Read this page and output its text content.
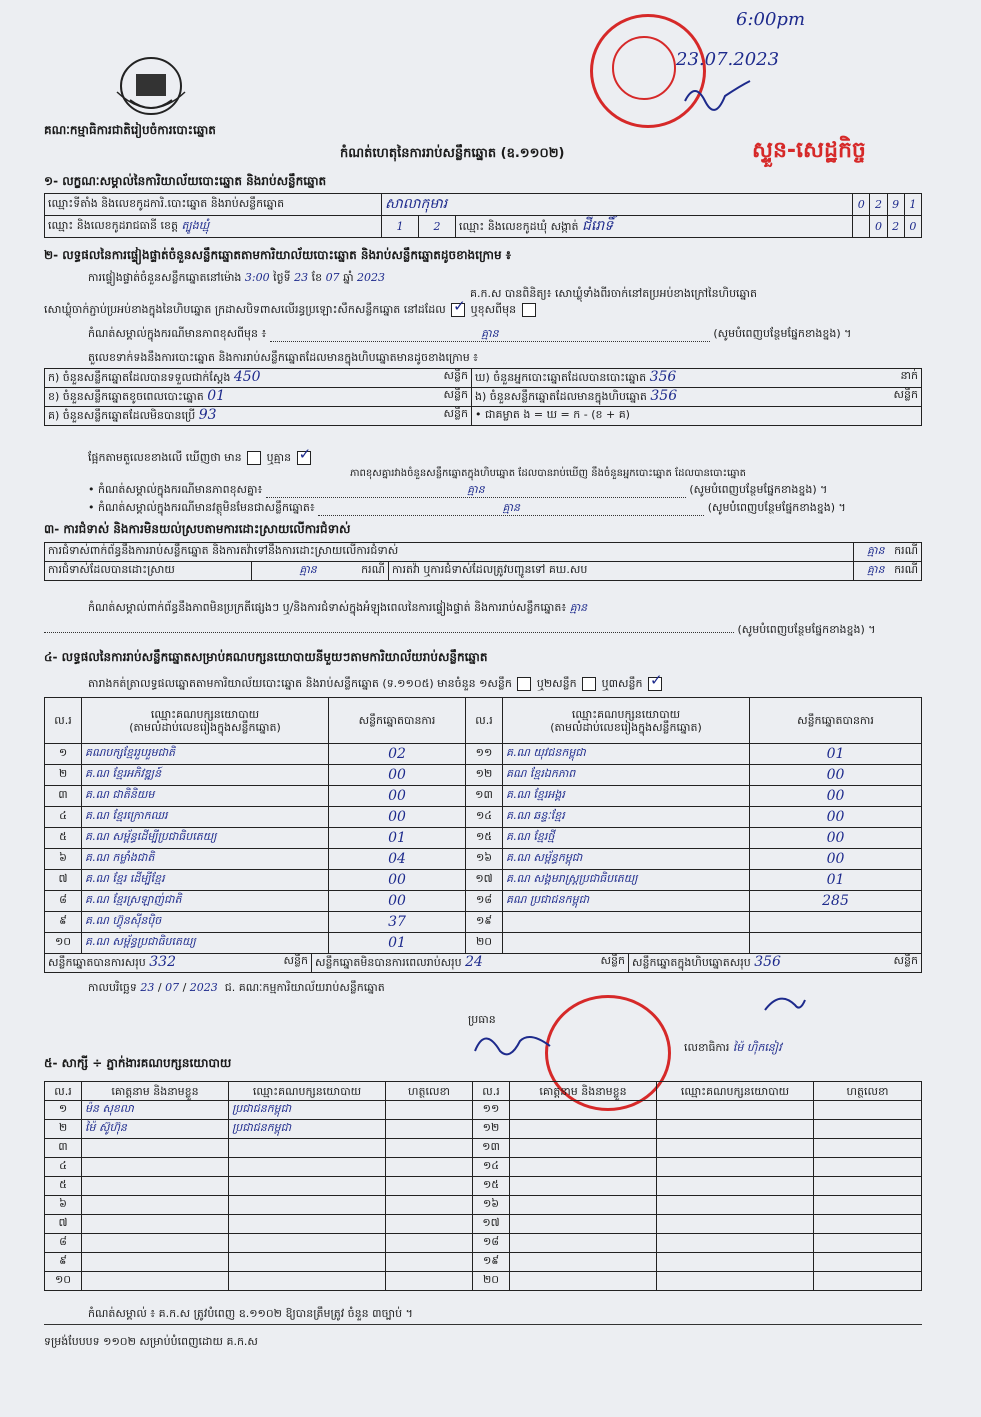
គណៈកម្មាធិការជាតិរៀបចំការបោះឆ្នោត
6:00pm
23.07.2023
ស្ទួន-សេដ្ឋកិច្ច
កំណត់ហេតុនៃការរាប់សន្លឹកឆ្នោត (ឧ.១១០២)
១- លក្ខណៈសម្គាល់នៃការិយាល័យបោះឆ្នោត និងរាប់សន្លឹកឆ្នោត
ឈ្មោះទីតាំង និងលេខកូដការិ.បោះឆ្នោត និងរាប់សន្លឹកឆ្នោត	សាលាកុមារ			0	2	9	1
ឈ្មោះ និងលេខកូដរាជធានី ខេត្ត ត្បូងឃ្មុំ	1	2	ឈ្មោះ និងលេខកូដឃុំ សង្កាត់ ជីរោទិ៍		0	2	0
២- លទ្ធផលនៃការផ្ទៀងផ្ទាត់ចំនួនសន្លឹកឆ្នោតតាមការិយាល័យបោះឆ្នោត និងរាប់សន្លឹកឆ្នោតដូចខាងក្រោម ៖
ការផ្ទៀងផ្ទាត់ចំនួនសន្លឹកឆ្នោតនៅម៉ោង 3:00 ថ្ងៃទី 23 ខែ 07 ឆ្នាំ 2023
គ.ក.ស បានពិនិត្យ៖ សោឃ្លុំទាំងពីរចាក់នៅតប្រអប់ខាងក្រៅនៃហិបឆ្នោត
សោឃ្លុំចាក់ភ្ជាប់ប្រអប់ខាងក្នុងនៃហិបឆ្នោត ក្រដាសបិទពាសលើរន្ធប្រឡោះសឹកសន្លឹកឆ្នោត នៅដដែល ✓ ឬខុសពីមុន
កំណត់សម្គាល់ក្នុងករណីមានភាពខុសពីមុន ៖	គ្មាន	(សូមបំពេញបន្ថែមផ្នែកខាងខ្នង) ។
តួលេខទាក់ទងនឹងការបោះឆ្នោត និងការរាប់សន្លឹកឆ្នោតដែលមានក្នុងហិបឆ្នោតមានដូចខាងក្រោម ៖
ក) ចំនួនសន្លឹកឆ្នោតដែលបានទទួលជាក់ស្តែង 450 សន្លឹក	ឃ) ចំនួនអ្នកបោះឆ្នោតដែលបានបោះឆ្នោត 356 នាក់

ខ) ចំនួនសន្លឹកឆ្នោតខូចពេលបោះឆ្នោត 01 សន្លឹក	ង) ចំនួនសន្លឹកឆ្នោតដែលមានក្នុងហិបឆ្នោត 356 សន្លឹក

គ) ចំនួនសន្លឹកឆ្នោតដែលមិនបានប្រើ 93 សន្លឹក	• ជាគម្លាត ង = ឃ = ក - (ខ + គ)
ផ្អែកតាមតួលេខខាងលើ ឃើញថា មាន ឬគ្មាន ✓
ភាពខុសគ្នារវាងចំនួនសន្លឹកឆ្នោតក្នុងហិបឆ្នោត ដែលបានរាប់ឃើញ នឹងចំនួនអ្នកបោះឆ្នោត ដែលបានបោះឆ្នោត
• កំណត់សម្គាល់ក្នុងករណីមានភាពខុសគ្នា៖	គ្មាន	(សូមបំពេញបន្ថែមផ្នែកខាងខ្នង) ។
• កំណត់សម្គាល់ក្នុងករណីមានវត្ថុមិនមែនជាសន្លឹកឆ្នោត៖	គ្មាន	(សូមបំពេញបន្ថែមផ្នែកខាងខ្នង) ។
៣- ការជំទាស់ និងការមិនយល់ស្របតាមការដោះស្រាយលើការជំទាស់
ការជំទាស់ពាក់ព័ន្ធនឹងការរាប់សន្លឹកឆ្នោត និងការតវ៉ាទៅនឹងការដោះស្រាយលើការជំទាស់			គ្មាន ករណី

ការជំទាស់ដែលបានដោះស្រាយ	គ្មាន ករណី	ការតវ៉ា ឬការជំទាស់ដែលត្រូវបញ្ជូនទៅ គឃ.សប	គ្មាន ករណី
កំណត់សម្គាល់ពាក់ព័ន្ធនឹងភាពមិនប្រក្រតីផ្សេងៗ ឬ/និងការជំទាស់ក្នុងអំឡុងពេលនៃការផ្ទៀងផ្ទាត់ និងការរាប់សន្លឹកឆ្នោត៖ គ្មាន
(សូមបំពេញបន្ថែមផ្នែកខាងខ្នង) ។
៤- លទ្ធផលនៃការរាប់សន្លឹកឆ្នោតសម្រាប់គណបក្សនយោបាយនីមួយៗតាមការិយាល័យរាប់សន្លឹកឆ្នោត
តារាងកត់ត្រាលទ្ធផលឆ្នោតតាមការិយាល័យបោះឆ្នោត និងរាប់សន្លឹកឆ្នោត (ទ.១១០៥) មានចំនួន ១សន្លឹក ឬ២សន្លឹក ឬ៣សន្លឹក ✓
ល.រ	ឈ្មោះគណបក្សនយោបាយ
(តាមលំដាប់លេខរៀងក្នុងសន្លឹកឆ្នោត)	សន្លឹកឆ្នោតបានការ	ល.រ	ឈ្មោះគណបក្សនយោបាយ
(តាមលំដាប់លេខរៀងក្នុងសន្លឹកឆ្នោត)	សន្លឹកឆ្នោតបានការ
១	គណបក្សខ្មែររួបរួមជាតិ	02	១១	គ.ណ យុវជនកម្ពុជា	01
២	គ.ណ ខ្មែរអភិវឌ្ឍន៍	00	១២	គណ ខ្មែរឯកភាព	00
៣	គ.ណ ជាតិនិយម	00	១៣	គ.ណ ខ្មែរអង្គរ	00
៤	គ.ណ ខ្មែរក្រោកឈរ	00	១៤	គ.ណ ឆន្ទៈខ្មែរ	00
៥	គ.ណ សម្ព័ន្ធដើម្បីប្រជាធិបតេយ្យ	01	១៥	គ.ណ ខ្មែរថ្មី	00
៦	គ.ណ កម្លាំងជាតិ	04	១៦	គ.ណ សម្ព័ន្ធកម្ពុជា	00
៧	គ.ណ ខ្មែរ ដើម្បីខ្មែរ	00	១៧	គ.ណ សង្គមរាស្ត្រប្រជាធិបតេយ្យ	01
៨	គ.ណ ខ្មែរស្រឡាញ់ជាតិ	00	១៨	គណ ប្រជាជនកម្ពុជា	285
៩	គ.ណ ហ៊្វុនស៊ីនប៉ិច	37	១៩		
១០	គ.ណ សម្ព័ន្ធប្រជាធិបតេយ្យ	01	២០		
សន្លឹកឆ្នោតបានការសរុប 332	សន្លឹក	សន្លឹកឆ្នោតមិនបានការពេលរាប់សរុប 24	សន្លឹក	សន្លឹកឆ្នោតក្នុងហិបឆ្នោតសរុប 356	សន្លឹក
កាលបរិច្ឆេទ 23 / 07 / 2023 ជ. គណៈកម្មការិយាល័យរាប់សន្លឹកឆ្នោត
ប្រធាន
លេខាធិការ ម៉ៃ ហ៊ិកនៀវ
៥- សាក្សី ÷ ភ្នាក់ងារគណបក្សនយោបាយ
ល.រ	គោត្តនាម និងនាមខ្លួន	ឈ្មោះគណបក្សនយោបាយ	ហត្ថលេខា	ល.រ	គោត្តនាម និងនាមខ្លួន	ឈ្មោះគណបក្សនយោបាយ	ហត្ថលេខា
១	ម៉ន សុខលា	ប្រជាជនកម្ពុជា		១១			
២	ម៉ៃ ស៊ូហ៊ុន	ប្រជាជនកម្ពុជា		១២			
៣				១៣			
៤				១៤			
៥				១៥			
៦				១៦			
៧				១៧			
៨				១៨			
៩				១៩			
១០				២០			
កំណត់សម្គាល់ ៖ គ.ក.ស ត្រូវបំពេញ ឧ.១១០២ ឱ្យបានត្រឹមត្រូវ ចំនួន ៣ច្បាប់ ។
ទម្រង់បែបបទ ១១០២ សម្រាប់បំពេញដោយ គ.ក.ស
